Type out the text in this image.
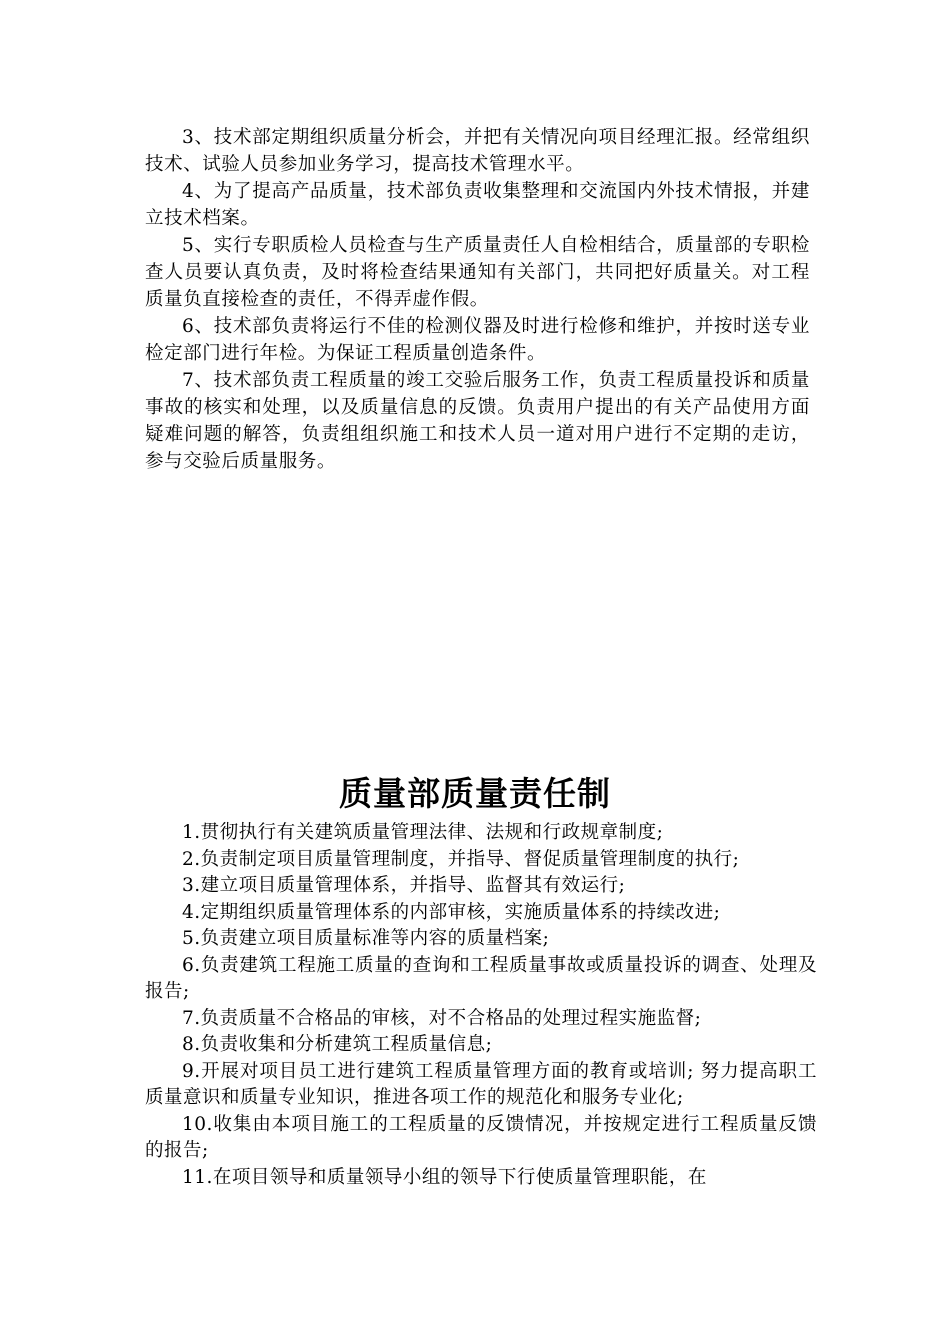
3、技术部定期组织质量分析会，并把有关情况向项目经理汇报。经常组织技术、试验人员参加业务学习，提高技术管理水平。

4、为了提高产品质量，技术部负责收集整理和交流国内外技术情报，并建立技术档案。

5、实行专职质检人员检查与生产质量责任人自检相结合，质量部的专职检查人员要认真负责，及时将检查结果通知有关部门，共同把好质量关。对工程质量负直接检查的责任，不得弄虚作假。

6、技术部负责将运行不佳的检测仪器及时进行检修和维护，并按时送专业检定部门进行年检。为保证工程质量创造条件。

7、技术部负责工程质量的竣工交验后服务工作，负责工程质量投诉和质量事故的核实和处理，以及质量信息的反馈。负责用户提出的有关产品使用方面疑难问题的解答，负责组组织施工和技术人员一道对用户进行不定期的走访，参与交验后质量服务。

质量部质量责任制

1.贯彻执行有关建筑质量管理法律、法规和行政规章制度;

2.负责制定项目质量管理制度，并指导、督促质量管理制度的执行;

3.建立项目质量管理体系，并指导、监督其有效运行;

4.定期组织质量管理体系的内部审核，实施质量体系的持续改进;

5.负责建立项目质量标准等内容的质量档案;

6.负责建筑工程施工质量的查询和工程质量事故或质量投诉的调查、处理及报告;

7.负责质量不合格品的审核，对不合格品的处理过程实施监督;

8.负责收集和分析建筑工程质量信息;

9.开展对项目员工进行建筑工程质量管理方面的教育或培训; 努力提高职工质量意识和质量专业知识，推进各项工作的规范化和服务专业化;

10.收集由本项目施工的工程质量的反馈情况，并按规定进行工程质量反馈的报告;

11.在项目领导和质量领导小组的领导下行使质量管理职能，在
